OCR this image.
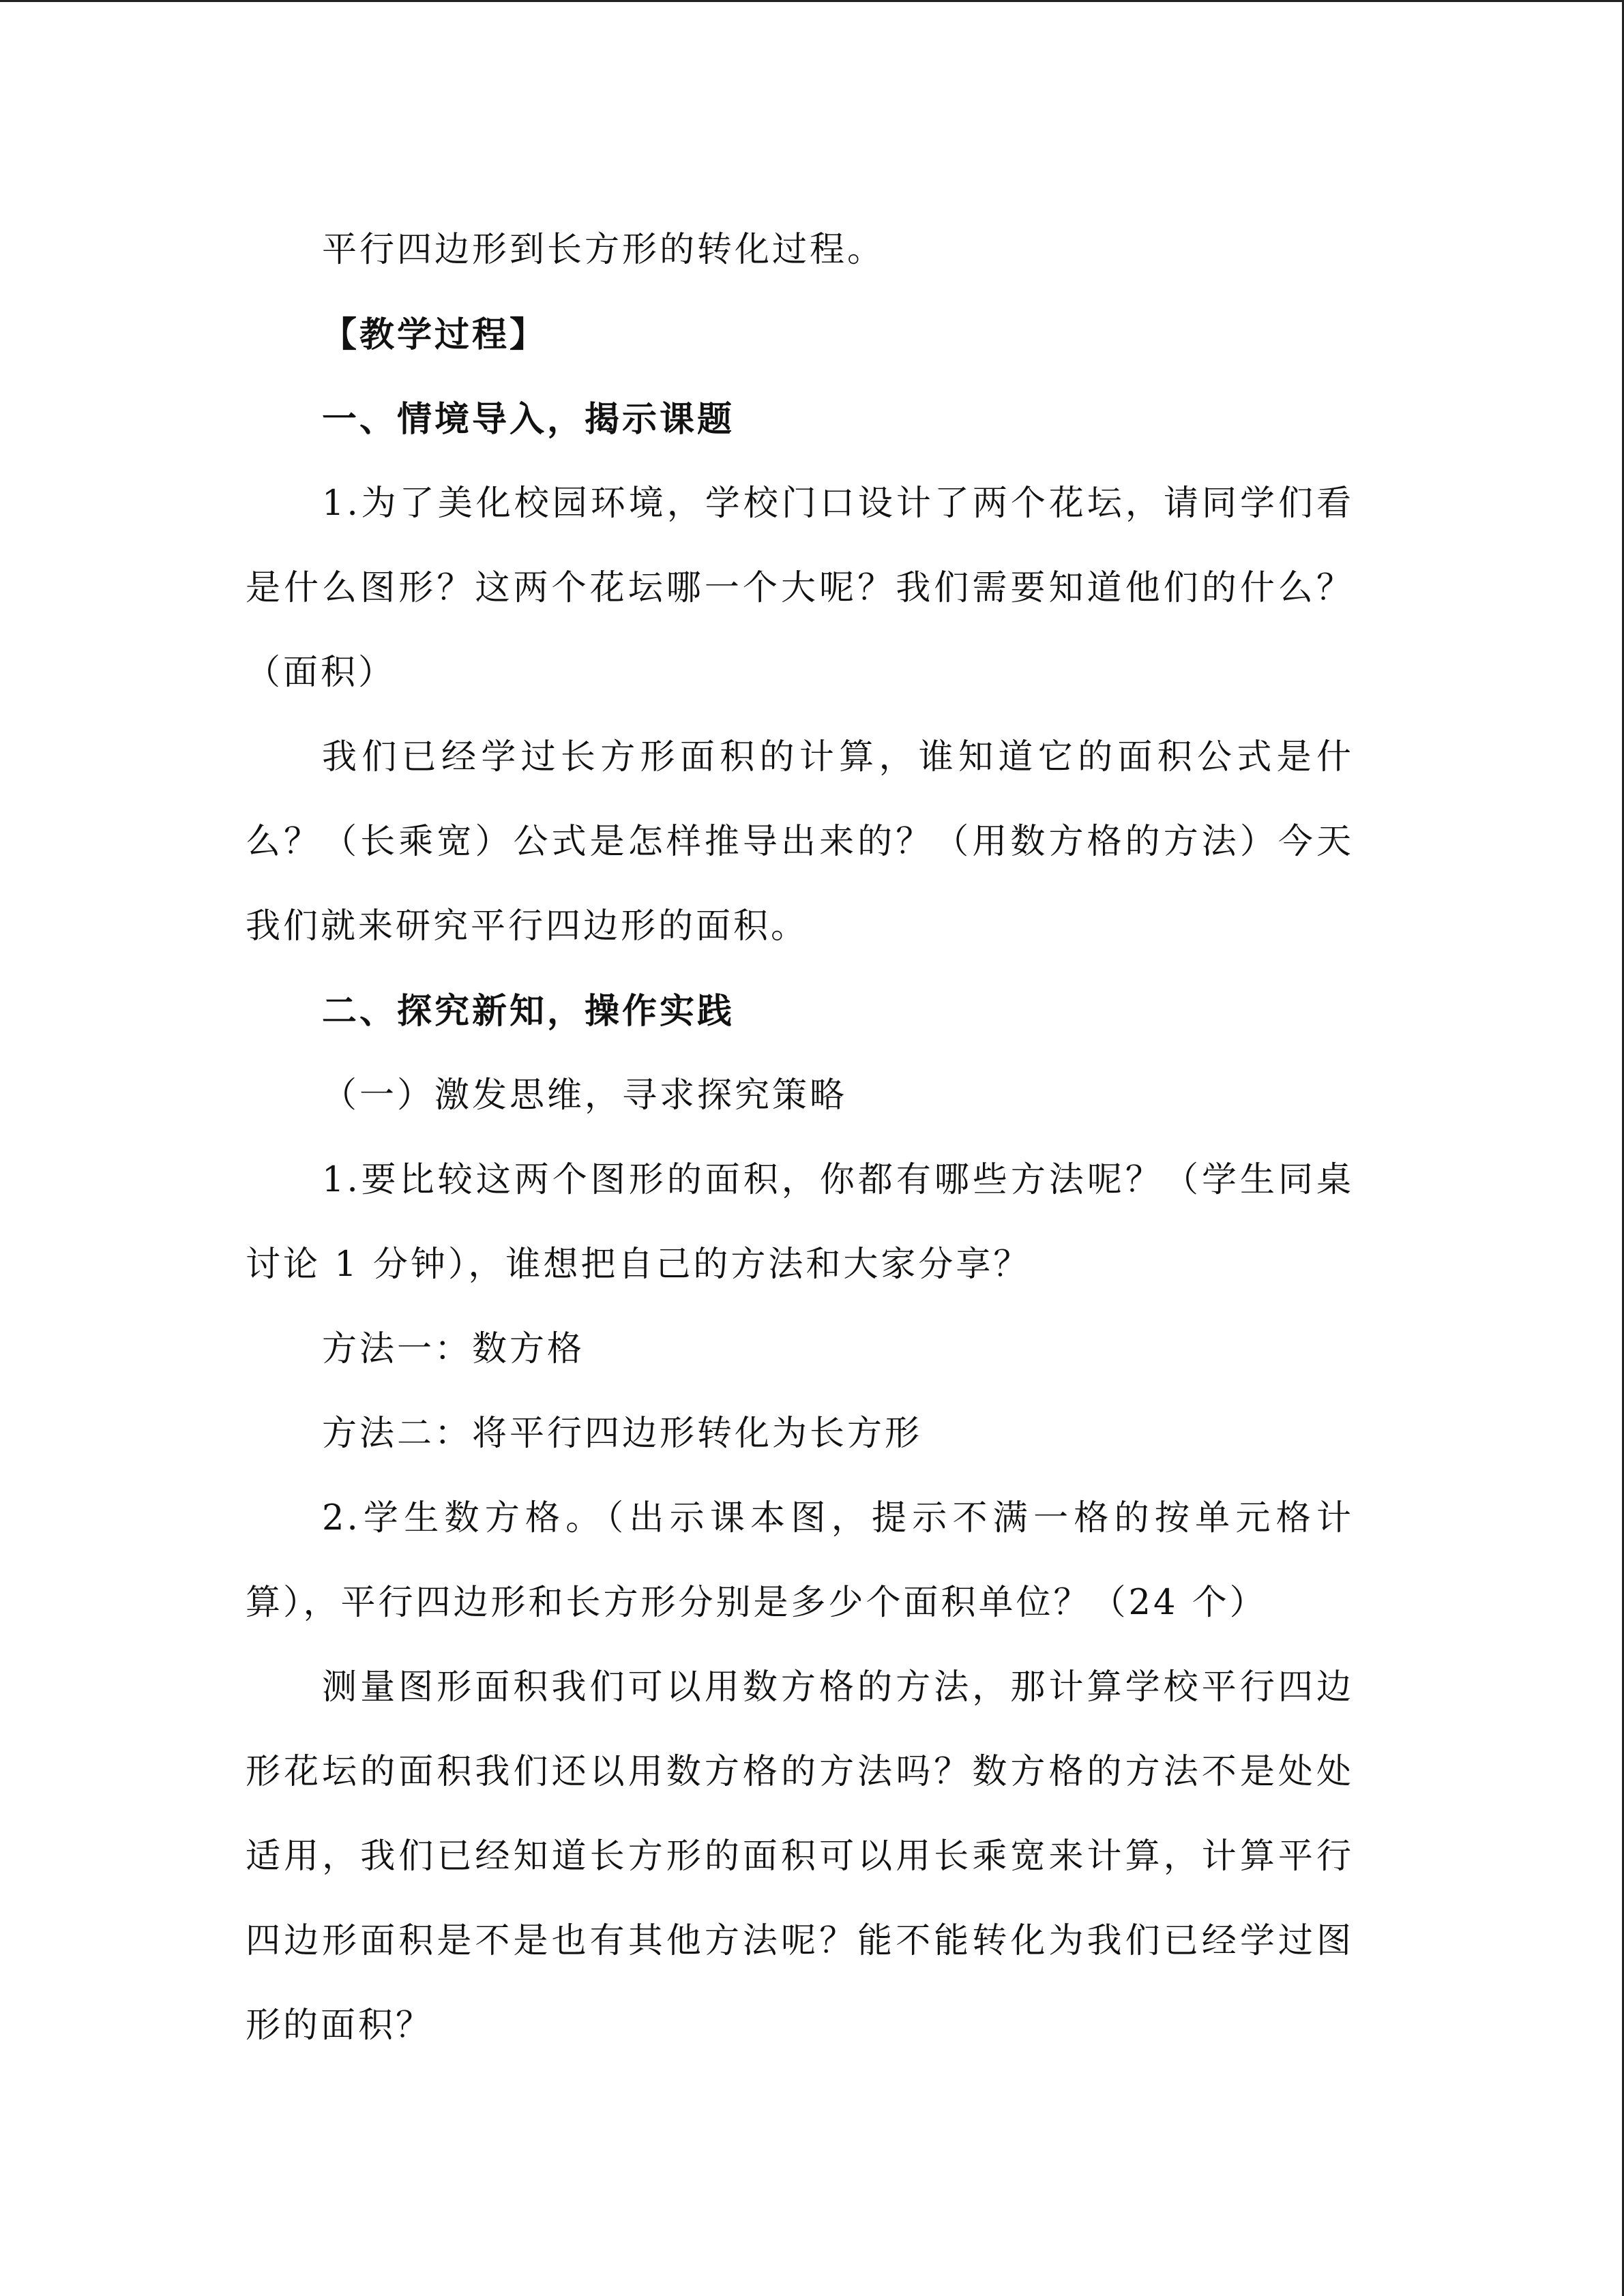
平行四边形到长方形的转化过程。

【教学过程】

一、情境导入，揭示课题

1.为了美化校园环境，学校门口设计了两个花坛，请同学们看是什么图形？这两个花坛哪一个大呢？我们需要知道他们的什么？（面积）

我们已经学过长方形面积的计算，谁知道它的面积公式是什么？（长乘宽）公式是怎样推导出来的？（用数方格的方法）今天我们就来研究平行四边形的面积。

二、探究新知，操作实践

（一）激发思维，寻求探究策略

1.要比较这两个图形的面积，你都有哪些方法呢？（学生同桌讨论 1 分钟），谁想把自己的方法和大家分享？

方法一：数方格

方法二：将平行四边形转化为长方形

2.学生数方格。（出示课本图，提示不满一格的按单元格计算），平行四边形和长方形分别是多少个面积单位？（24 个）

测量图形面积我们可以用数方格的方法，那计算学校平行四边形花坛的面积我们还以用数方格的方法吗？数方格的方法不是处处适用，我们已经知道长方形的面积可以用长乘宽来计算，计算平行四边形面积是不是也有其他方法呢？能不能转化为我们已经学过图形的面积？
